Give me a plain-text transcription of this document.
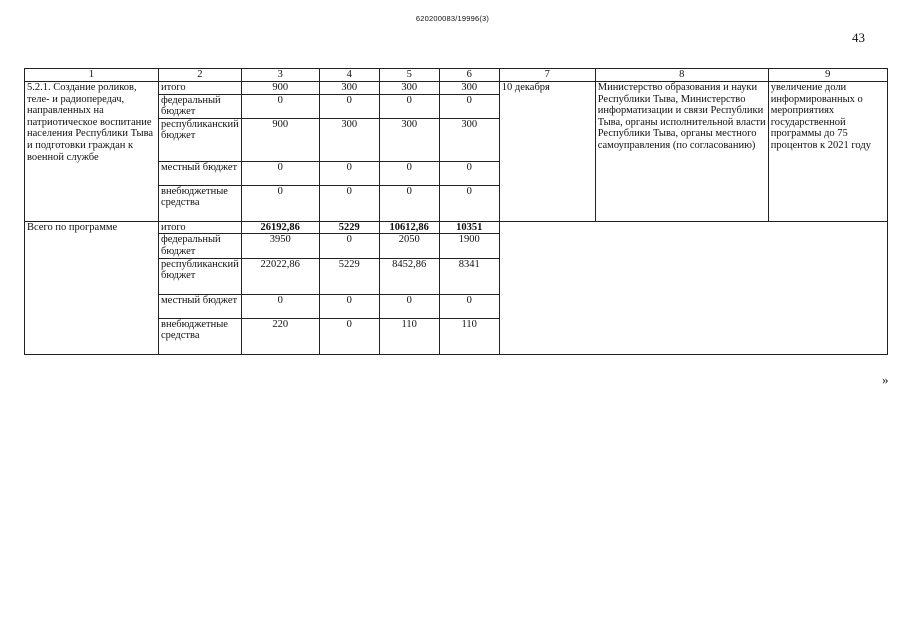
620200083/19996(3)
43
1	2	3	4	5	6	7	8	9
5.2.1. Создание роликов, теле- и радиопередач, направленных на патриотическое воспитание населения Республики Тыва и подготовки граждан к военной службе	итого	900	300	300	300	10 декабря	Министерство образования и науки Республики Тыва, Министерство информатизации и связи Республики Тыва, органы исполнительной власти Республики Тыва, органы местного самоуправления (по согласованию)	увеличение доли информированных о мероприятиях государственной программы до 75 процентов к 2021 году
	федеральный бюджет	0	0	0	0			
	республиканский бюджет	900	300	300	300			
	местный бюджет	0	0	0	0			
	внебюджетные средства	0	0	0	0			
Всего по программе	итого	26192,86	5229	10612,86	10351			
	федеральный бюджет	3950	0	2050	1900			
	республиканский бюджет	22022,86	5229	8452,86	8341			
	местный бюджет	0	0	0	0			
	внебюджетные средства	220	0	110	110			
»
